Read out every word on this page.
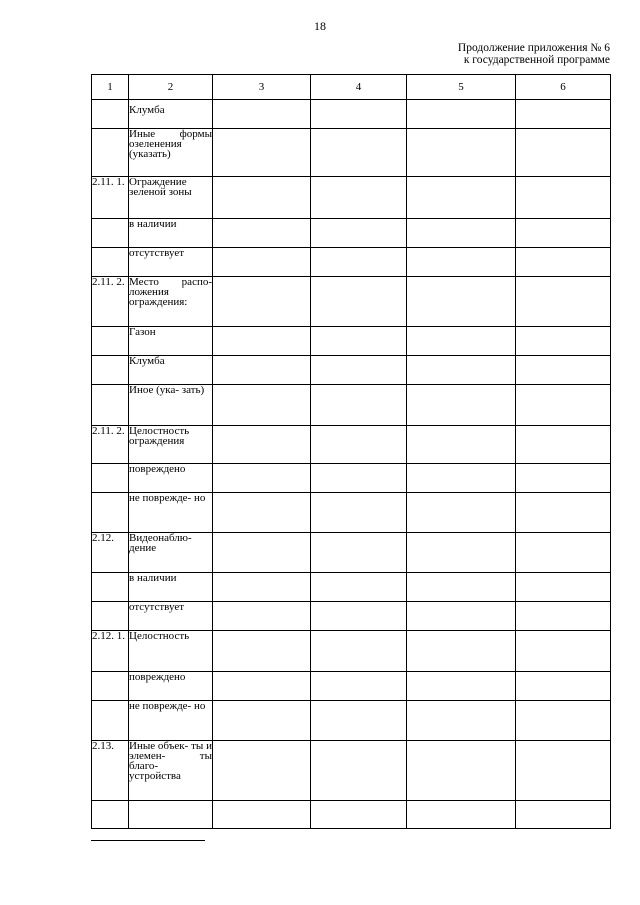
18
Продолжение приложения № 6
к государственной программе
1	2	3	4	5	6
	Клумба				
	Иные формы озеленения (указать)				
2.11. 1.	Ограждение зеленой зоны				
	в наличии				
	отсутствует				
2.11. 2.	Место распо- ложения ограждения:				
	Газон				
	Клумба				
	Иное (ука- зать)				
2.11. 2.	Целостность ограждения				
	повреждено				
	не поврежде- но				
2.12.	Видеонаблю- дение				
	в наличии				
	отсутствует				
2.12. 1.	Целостность				
	повреждено				
	не поврежде- но				
2.13.	Иные объек- ты и элемен- ты благо- устройства				
